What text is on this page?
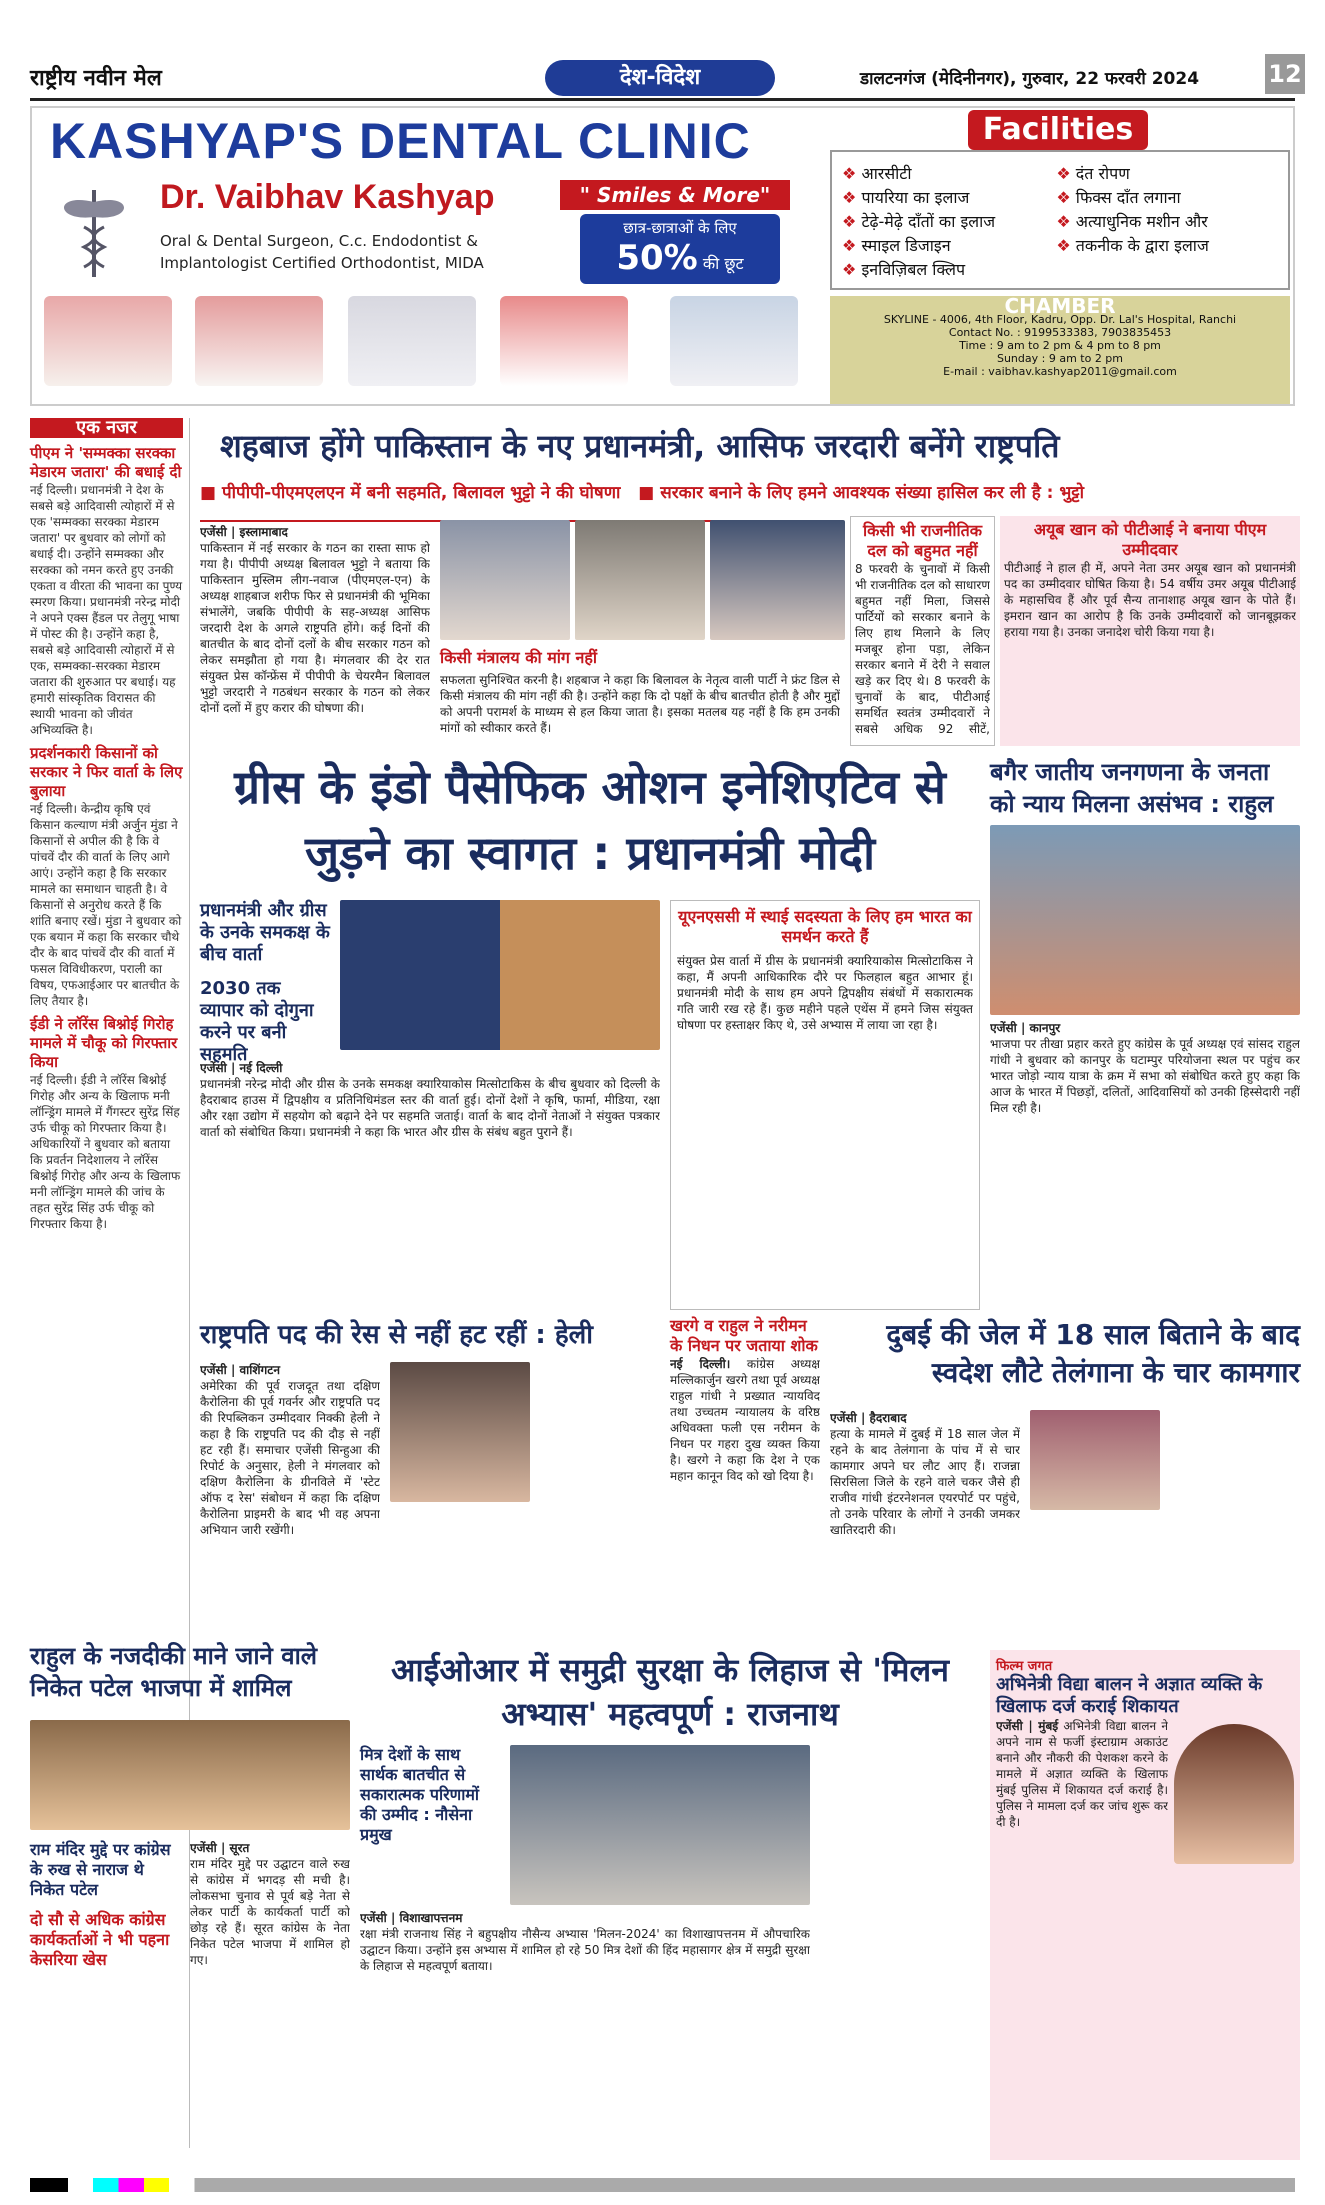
राष्ट्रीय नवीन मेल	देश-विदेश	डालटनगंज (मेदिनीनगर), गुरुवार, 22 फरवरी 2024	12
KASHYAP'S DENTAL CLINIC
Dr. Vaibhav Kashyap
Oral & Dental Surgeon, C.c. Endodontist &
Implantologist Certified Orthodontist, MIDA
" Smiles & More"
छात्र-छात्राओं के लिए
50% की छूट
Facilities
❖ आरसीटी
❖ पायरिया का इलाज
❖ टेढ़े-मेढ़े दाँतों का इलाज
❖ स्माइल डिजाइन
❖ इनविज़िबल क्लिप

❖ दंत रोपण
❖ फिक्स दाँत लगाना
❖ अत्याधुनिक मशीन और
❖ तकनीक के द्वारा इलाज
CHAMBER
SKYLINE - 4006, 4th Floor, Kadru, Opp. Dr. Lal's Hospital, Ranchi
Contact No. : 9199533383, 7903835453
Time : 9 am to 2 pm & 4 pm to 8 pm
Sunday : 9 am to 2 pm
E-mail : vaibhav.kashyap2011@gmail.com
एक नजर
पीएम ने 'सम्मक्का सरक्का मेडारम जतारा' की बधाई दी
नई दिल्ली। प्रधानमंत्री ने देश के सबसे बड़े आदिवासी त्योहारों में से एक 'सम्मक्का सरक्का मेडारम जतारा' पर बुधवार को लोगों को बधाई दी। उन्होंने सम्मक्का और सरक्का को नमन करते हुए उनकी एकता व वीरता की भावना का पुण्य स्मरण किया। प्रधानमंत्री नरेन्द्र मोदी ने अपने एक्स हैंडल पर तेलुगू भाषा में पोस्ट की है। उन्होंने कहा है, सबसे बड़े आदिवासी त्योहारों में से एक, सम्मक्का-सरक्का मेडारम जतारा की शुरुआत पर बधाई। यह हमारी सांस्कृतिक विरासत की स्थायी भावना को जीवंत अभिव्यक्ति है।
प्रदर्शनकारी किसानों को सरकार ने फिर वार्ता के लिए बुलाया
नई दिल्ली। केन्द्रीय कृषि एवं किसान कल्याण मंत्री अर्जुन मुंडा ने किसानों से अपील की है कि वे पांचवें दौर की वार्ता के लिए आगे आएं। उन्होंने कहा है कि सरकार मामले का समाधान चाहती है। वे किसानों से अनुरोध करते हैं कि शांति बनाए रखें। मुंडा ने बुधवार को एक बयान में कहा कि सरकार चौथे दौर के बाद पांचवें दौर की वार्ता में फसल विविधीकरण, पराली का विषय, एफआईआर पर बातचीत के लिए तैयार है।
ईडी ने लॉरेंस बिश्नोई गिरोह मामले में चौकू को गिरफ्तार किया
नई दिल्ली। ईडी ने लॉरेंस बिश्नोई गिरोह और अन्य के खिलाफ मनी लॉन्ड्रिंग मामले में गैंगस्टर सुरेंद्र सिंह उर्फ चीकू को गिरफ्तार किया है। अधिकारियों ने बुधवार को बताया कि प्रवर्तन निदेशालय ने लॉरेंस बिश्नोई गिरोह और अन्य के खिलाफ मनी लॉन्ड्रिंग मामले की जांच के तहत सुरेंद्र सिंह उर्फ चीकू को गिरफ्तार किया है।
शहबाज होंगे पाकिस्तान के नए प्रधानमंत्री, आसिफ जरदारी बनेंगे राष्ट्रपति
■ पीपीपी-पीएमएलएन में बनी सहमति, बिलावल भुट्टो ने की घोषणा   ■ सरकार बनाने के लिए हमने आवश्यक संख्या हासिल कर ली है : भुट्टो
एजेंसी | इस्लामाबाद
पाकिस्तान में नई सरकार के गठन का रास्ता साफ हो गया है। पीपीपी अध्यक्ष बिलावल भुट्टो ने बताया कि पाकिस्तान मुस्लिम लीग-नवाज (पीएमएल-एन) के अध्यक्ष शाहबाज शरीफ फिर से प्रधानमंत्री की भूमिका संभालेंगे, जबकि पीपीपी के सह-अध्यक्ष आसिफ जरदारी देश के अगले राष्ट्रपति होंगे। कई दिनों की बातचीत के बाद दोनों दलों के बीच सरकार गठन को लेकर समझौता हो गया है। मंगलवार की देर रात संयुक्त प्रेस कॉन्फ्रेंस में पीपीपी के चेयरमैन बिलावल भुट्टो जरदारी ने गठबंधन सरकार के गठन को लेकर दोनों दलों में हुए करार की घोषणा की।
किसी मंत्रालय की मांग नहीं
सफलता सुनिश्चित करनी है। शहबाज ने कहा कि बिलावल के नेतृत्व वाली पार्टी ने फ्रंट डिल से किसी मंत्रालय की मांग नहीं की है। उन्होंने कहा कि दो पक्षों के बीच बातचीत होती है और मुद्दों को अपनी परामर्श के माध्यम से हल किया जाता है। इसका मतलब यह नहीं है कि हम उनकी मांगों को स्वीकार करते हैं।
किसी भी राजनीतिक दल को बहुमत नहीं
8 फरवरी के चुनावों में किसी भी राजनीतिक दल को साधारण बहुमत नहीं मिला, जिससे पार्टियों को सरकार बनाने के लिए हाथ मिलाने के लिए मजबूर होना पड़ा, लेकिन सरकार बनाने में देरी ने सवाल खड़े कर दिए थे। 8 फरवरी के चुनावों के बाद, पीटीआई समर्थित स्वतंत्र उम्मीदवारों ने सबसे अधिक 92 सीटें,
अयूब खान को पीटीआई ने बनाया पीएम उम्मीदवार
पीटीआई ने हाल ही में, अपने नेता उमर अयूब खान को प्रधानमंत्री पद का उम्मीदवार घोषित किया है। 54 वर्षीय उमर अयूब पीटीआई के महासचिव हैं और पूर्व सैन्य तानाशाह अयूब खान के पोते हैं। इमरान खान का आरोप है कि उनके उम्मीदवारों को जानबूझकर हराया गया है। उनका जनादेश चोरी किया गया है।
ग्रीस के इंडो पैसेफिक ओशन इनेशिएटिव से जुड़ने का स्वागत : प्रधानमंत्री मोदी
प्रधानमंत्री और ग्रीस के उनके समकक्ष के बीच वार्ता
2030 तक व्यापार को दोगुना करने पर बनी सहमति
एजेंसी | नई दिल्ली
प्रधानमंत्री नरेन्द्र मोदी और ग्रीस के उनके समकक्ष क्यारियाकोस मित्सोटाकिस के बीच बुधवार को दिल्ली के हैदराबाद हाउस में द्विपक्षीय व प्रतिनिधिमंडल स्तर की वार्ता हुई। दोनों देशों ने कृषि, फार्मा, मीडिया, रक्षा और रक्षा उद्योग में सहयोग को बढ़ाने देने पर सहमति जताई। वार्ता के बाद दोनों नेताओं ने संयुक्त पत्रकार वार्ता को संबोधित किया। प्रधानमंत्री ने कहा कि भारत और ग्रीस के संबंध बहुत पुराने हैं।
यूएनएससी में स्थाई सदस्यता के लिए हम भारत का समर्थन करते हैं
संयुक्त प्रेस वार्ता में ग्रीस के प्रधानमंत्री क्यारियाकोस मित्सोटाकिस ने कहा, मैं अपनी आधिकारिक दौरे पर फिलहाल बहुत आभार हूं। प्रधानमंत्री मोदी के साथ हम अपने द्विपक्षीय संबंधों में सकारात्मक गति जारी रख रहे हैं। कुछ महीने पहले एथेंस में हमने जिस संयुक्त घोषणा पर हस्ताक्षर किए थे, उसे अभ्यास में लाया जा रहा है।
बगैर जातीय जनगणना के जनता को न्याय मिलना असंभव : राहुल
एजेंसी | कानपुर
भाजपा पर तीखा प्रहार करते हुए कांग्रेस के पूर्व अध्यक्ष एवं सांसद राहुल गांधी ने बुधवार को कानपुर के घटाम्पुर परियोजना स्थल पर पहुंच कर भारत जोड़ो न्याय यात्रा के क्रम में सभा को संबोधित करते हुए कहा कि आज के भारत में पिछड़ों, दलितों, आदिवासियों को उनकी हिस्सेदारी नहीं मिल रही है।
राष्ट्रपति पद की रेस से नहीं हट रहीं : हेली
एजेंसी | वाशिंगटन
अमेरिका की पूर्व राजदूत तथा दक्षिण कैरोलिना की पूर्व गवर्नर और राष्ट्रपति पद की रिपब्लिकन उम्मीदवार निक्की हेली ने कहा है कि राष्ट्रपति पद की दौड़ से नहीं हट रही हैं। समाचार एजेंसी सिन्हुआ की रिपोर्ट के अनुसार, हेली ने मंगलवार को दक्षिण कैरोलिना के ग्रीनविले में 'स्टेट ऑफ द रेस' संबोधन में कहा कि दक्षिण कैरोलिना प्राइमरी के बाद भी वह अपना अभियान जारी रखेंगी।
खरगे व राहुल ने नरीमन के निधन पर जताया शोक
नई दिल्ली। कांग्रेस अध्यक्ष मल्लिकार्जुन खरगे तथा पूर्व अध्यक्ष राहुल गांधी ने प्रख्यात न्यायविद तथा उच्चतम न्यायालय के वरिष्ठ अधिवक्ता फली एस नरीमन के निधन पर गहरा दुख व्यक्त किया है। खरगे ने कहा कि देश ने एक महान कानून विद को खो दिया है।
दुबई की जेल में 18 साल बिताने के बाद स्वदेश लौटे तेलंगाना के चार कामगार
एजेंसी | हैदराबाद
हत्या के मामले में दुबई में 18 साल जेल में रहने के बाद तेलंगाना के पांच में से चार कामगार अपने घर लौट आए हैं। राजन्ना सिरसिला जिले के रहने वाले चकर जैसे ही राजीव गांधी इंटरनेशनल एयरपोर्ट पर पहुंचे, तो उनके परिवार के लोगों ने उनकी जमकर खातिरदारी की।
राहुल के नजदीकी माने जाने वाले निकेत पटेल भाजपा में शामिल
राम मंदिर मुद्दे पर कांग्रेस के रुख से नाराज थे निकेत पटेल
दो सौ से अधिक कांग्रेस कार्यकर्ताओं ने भी पहना केसरिया खेस
एजेंसी | सूरत
राम मंदिर मुद्दे पर उद्घाटन वाले रुख से कांग्रेस में भगदड़ सी मची है। लोकसभा चुनाव से पूर्व बड़े नेता से लेकर पार्टी के कार्यकर्ता पार्टी को छोड़ रहे हैं। सूरत कांग्रेस के नेता निकेत पटेल भाजपा में शामिल हो गए।
आईओआर में समुद्री सुरक्षा के लिहाज से 'मिलन अभ्यास' महत्वपूर्ण : राजनाथ
मित्र देशों के साथ सार्थक बातचीत से सकारात्मक परिणामों की उम्मीद : नौसेना प्रमुख
एजेंसी | विशाखापत्तनम
रक्षा मंत्री राजनाथ सिंह ने बहुपक्षीय नौसैन्य अभ्यास 'मिलन-2024' का विशाखापत्तनम में औपचारिक उद्घाटन किया। उन्होंने इस अभ्यास में शामिल हो रहे 50 मित्र देशों की हिंद महासागर क्षेत्र में समुद्री सुरक्षा के लिहाज से महत्वपूर्ण बताया।
फिल्म जगत
अभिनेत्री विद्या बालन ने अज्ञात व्यक्ति के खिलाफ दर्ज कराई शिकायत
एजेंसी | मुंबई अभिनेत्री विद्या बालन ने अपने नाम से फर्जी इंस्टाग्राम अकाउंट बनाने और नौकरी की पेशकश करने के मामले में अज्ञात व्यक्ति के खिलाफ मुंबई पुलिस में शिकायत दर्ज कराई है। पुलिस ने मामला दर्ज कर जांच शुरू कर दी है।
